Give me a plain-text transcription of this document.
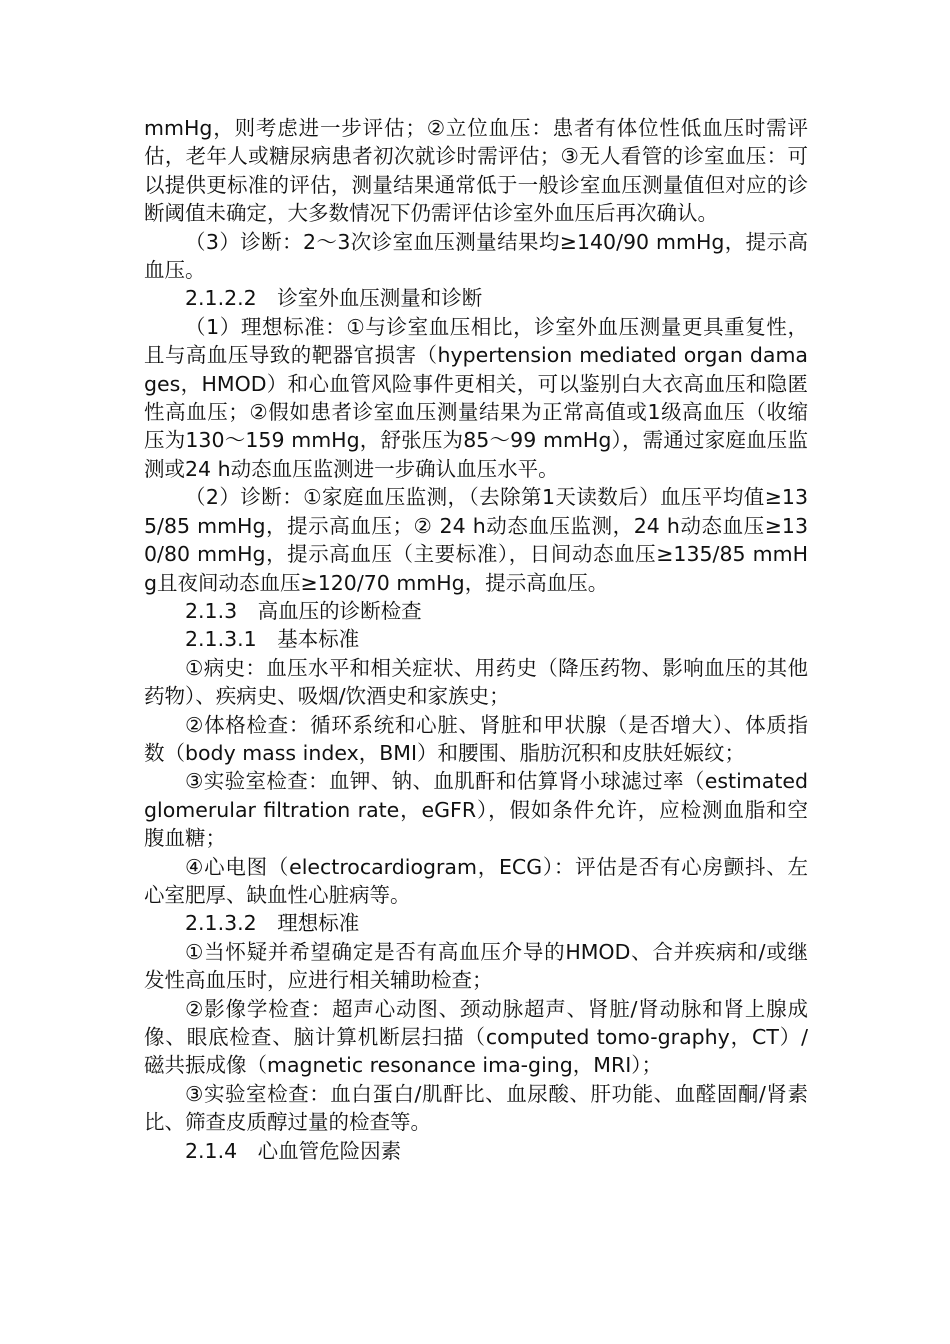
mmHg，则考虑进一步评估；②立位血压：患者有体位性低血压时需评估，老年人或糖尿病患者初次就诊时需评估；③无人看管的诊室血压：可以提供更标准的评估，测量结果通常低于一般诊室血压测量值但对应的诊断阈值未确定，大多数情况下仍需评估诊室外血压后再次确认。

（3）诊断：2～3次诊室血压测量结果均≥140/90 mmHg，提示高血压。

2.1.2.2　诊室外血压测量和诊断

（1）理想标准：①与诊室血压相比，诊室外血压测量更具重复性，且与高血压导致的靶器官损害（hypertension mediated organ damages，HMOD）和心血管风险事件更相关，可以鉴别白大衣高血压和隐匿性高血压；②假如患者诊室血压测量结果为正常高值或1级高血压（收缩压为130～159 mmHg，舒张压为85～99 mmHg），需通过家庭血压监测或24 h动态血压监测进一步确认血压水平。

（2）诊断：①家庭血压监测，（去除第1天读数后）血压平均值≥135/85 mmHg，提示高血压；② 24 h动态血压监测，24 h动态血压≥130/80 mmHg，提示高血压（主要标准），日间动态血压≥135/85 mmHg且夜间动态血压≥120/70 mmHg，提示高血压。

2.1.3　高血压的诊断检查

2.1.3.1　基本标准

①病史：血压水平和相关症状、用药史（降压药物、影响血压的其他药物）、疾病史、吸烟/饮酒史和家族史；

②体格检查：循环系统和心脏、肾脏和甲状腺（是否增大）、体质指数（body mass index，BMI）和腰围、脂肪沉积和皮肤妊娠纹；

③实验室检查：血钾、钠、血肌酐和估算肾小球滤过率（estimated glomerular filtration rate，eGFR），假如条件允许，应检测血脂和空腹血糖；

④心电图（electrocardiogram，ECG）：评估是否有心房颤抖、左心室肥厚、缺血性心脏病等。

2.1.3.2　理想标准

①当怀疑并希望确定是否有高血压介导的HMOD、合并疾病和/或继发性高血压时，应进行相关辅助检查；

②影像学检查：超声心动图、颈动脉超声、肾脏/肾动脉和肾上腺成像、眼底检查、脑计算机断层扫描（computed tomo-graphy，CT）/磁共振成像（magnetic resonance ima-ging，MRI）；

③实验室检查：血白蛋白/肌酐比、血尿酸、肝功能、血醛固酮/肾素比、筛查皮质醇过量的检查等。

2.1.4　心血管危险因素
